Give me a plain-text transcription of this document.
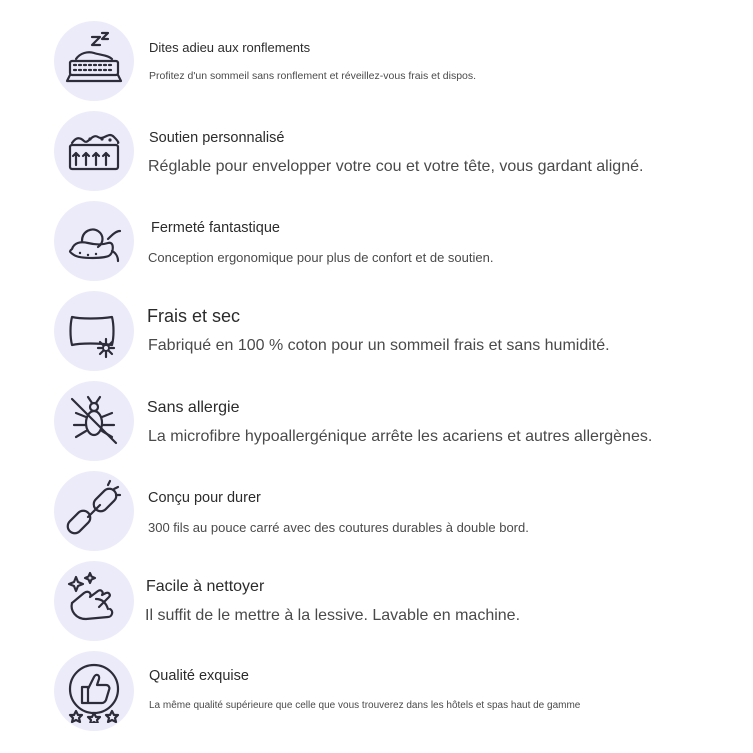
Dites adieu aux ronflements
Profitez d'un sommeil sans ronflement et réveillez-vous frais et dispos.
Soutien personnalisé
Réglable pour envelopper votre cou et votre tête, vous gardant aligné.
Fermeté fantastique
Conception ergonomique pour plus de confort et de soutien.
Frais et sec
Fabriqué en 100 % coton pour un sommeil frais et sans humidité.
Sans allergie
La microfibre hypoallergénique arrête les acariens et autres allergènes.
Conçu pour durer
300 fils au pouce carré avec des coutures durables à double bord.
Facile à nettoyer
Il suffit de le mettre à la lessive. Lavable en machine.
Qualité exquise
La même qualité supérieure que celle que vous trouverez dans les hôtels et spas haut de gamme
